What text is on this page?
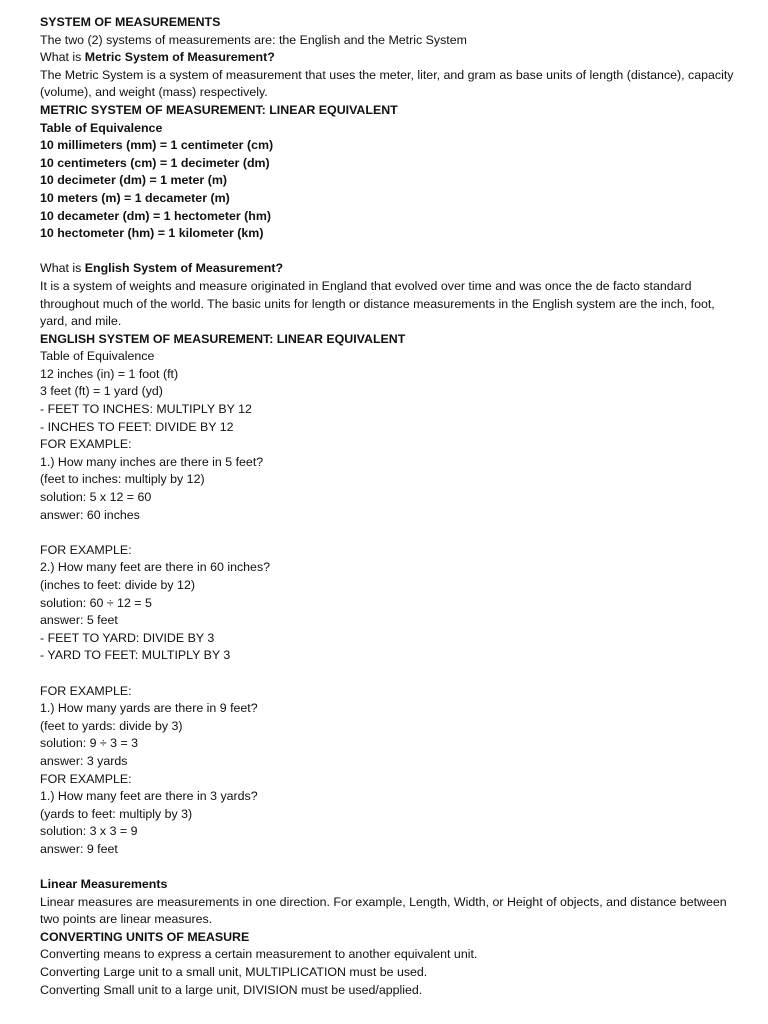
SYSTEM OF MEASUREMENTS

The two (2) systems of measurements are: the English and the Metric System

What is Metric System of Measurement?

The Metric System is a system of measurement that uses the meter, liter, and gram as base units of length (distance), capacity (volume), and weight (mass) respectively.

METRIC SYSTEM OF MEASUREMENT: LINEAR EQUIVALENT

Table of Equivalence

10 millimeters (mm) = 1 centimeter (cm)

10 centimeters (cm) = 1 decimeter (dm)

10 decimeter (dm) = 1 meter (m)

10 meters (m) = 1 decameter (m)

10 decameter (dm) = 1 hectometer (hm)

10 hectometer (hm) = 1 kilometer (km)

What is English System of Measurement?

It is a system of weights and measure originated in England that evolved over time and was once the de facto standard throughout much of the world. The basic units for length or distance measurements in the English system are the inch, foot, yard, and mile.

ENGLISH SYSTEM OF MEASUREMENT: LINEAR EQUIVALENT

Table of Equivalence

12 inches (in) = 1 foot (ft)

3 feet (ft) = 1 yard (yd)

- FEET TO INCHES: MULTIPLY BY 12

- INCHES TO FEET: DIVIDE BY 12

FOR EXAMPLE:

1.) How many inches are there in 5 feet?

(feet to inches: multiply by 12)

solution: 5 x 12 = 60

answer: 60 inches

FOR EXAMPLE:

2.) How many feet are there in 60 inches?

(inches to feet: divide by 12)

solution: 60 ÷ 12 = 5

answer: 5 feet

- FEET TO YARD: DIVIDE BY 3

- YARD TO FEET: MULTIPLY BY 3

FOR EXAMPLE:

1.) How many yards are there in 9 feet?

(feet to yards: divide by 3)

solution: 9 ÷ 3 = 3

answer: 3 yards

FOR EXAMPLE:

1.) How many feet are there in 3 yards?

(yards to feet: multiply by 3)

solution: 3 x 3 = 9

answer: 9 feet

Linear Measurements

Linear measures are measurements in one direction. For example, Length, Width, or Height of objects, and distance between two points are linear measures.

CONVERTING UNITS OF MEASURE

Converting means to express a certain measurement to another equivalent unit.

Converting Large unit to a small unit, MULTIPLICATION must be used.

Converting Small unit to a large unit, DIVISION must be used/applied.
